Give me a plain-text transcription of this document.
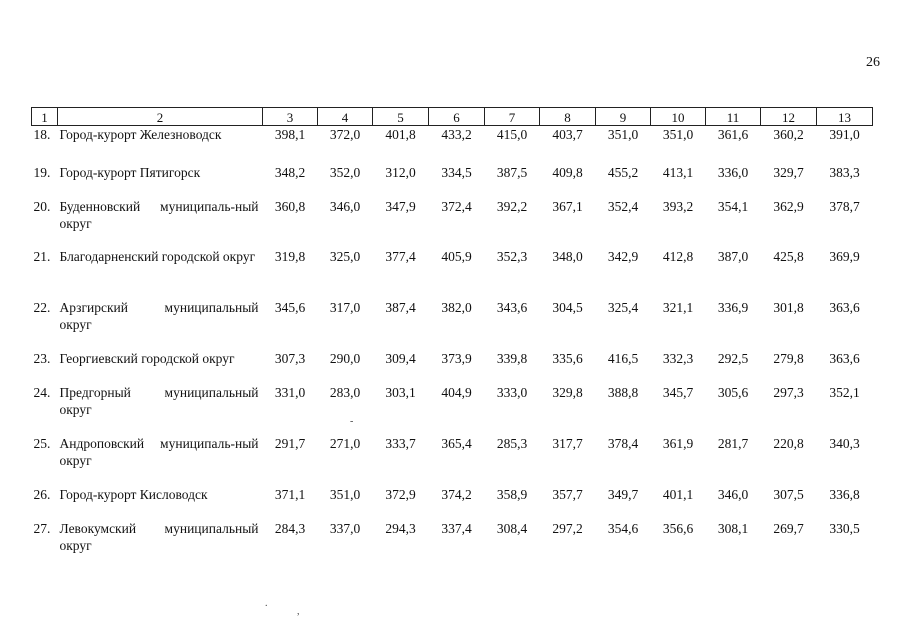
26
1	2	3	4	5	6	7	8	9	10	11	12	13
18.	Город-курорт Железноводск	398,1	372,0	401,8	433,2	415,0	403,7	351,0	351,0	361,6	360,2	391,0
19.	Город-курорт Пятигорск	348,2	352,0	312,0	334,5	387,5	409,8	455,2	413,1	336,0	329,7	383,3
20.	Буденновский муниципаль-ный округ	360,8	346,0	347,9	372,4	392,2	367,1	352,4	393,2	354,1	362,9	378,7
21.	Благодарненский городской округ	319,8	325,0	377,4	405,9	352,3	348,0	342,9	412,8	387,0	425,8	369,9
22.	Арзгирский муниципальный округ	345,6	317,0	387,4	382,0	343,6	304,5	325,4	321,1	336,9	301,8	363,6
23.	Георгиевский городской округ	307,3	290,0	309,4	373,9	339,8	335,6	416,5	332,3	292,5	279,8	363,6
24.	Предгорный муниципальный округ	331,0	283,0	303,1	404,9	333,0	329,8	388,8	345,7	305,6	297,3	352,1
25.	Андроповский муниципаль-ный округ	291,7	271,0	333,7	365,4	285,3	317,7	378,4	361,9	281,7	220,8	340,3
26.	Город-курорт Кисловодск	371,1	351,0	372,9	374,2	358,9	357,7	349,7	401,1	346,0	307,5	336,8
27.	Левокумский муниципальный округ	284,3	337,0	294,3	337,4	308,4	297,2	354,6	356,6	308,1	269,7	330,5
-
.
,
